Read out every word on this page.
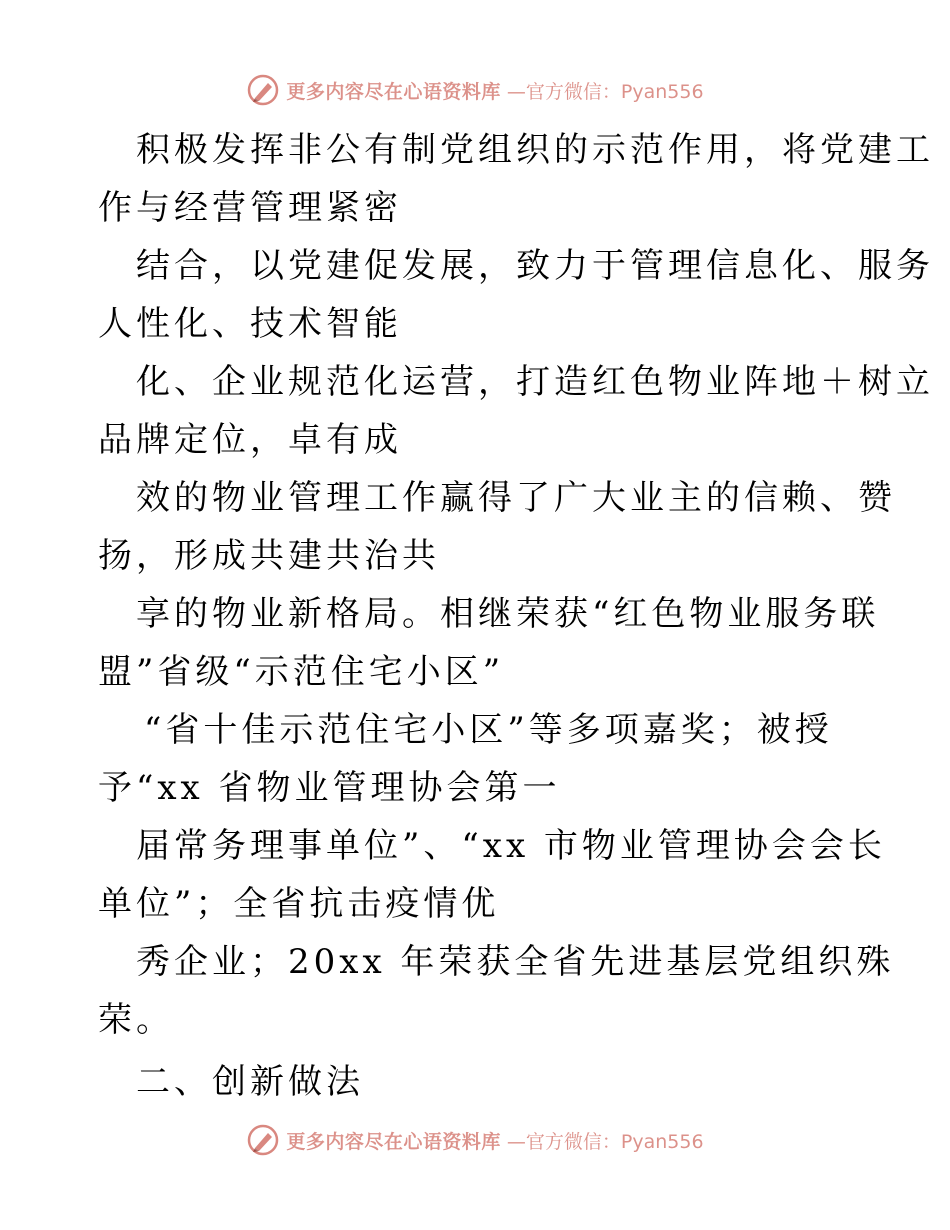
更多内容尽在心语资料库 —官方微信：Pyan556
积极发挥非公有制党组织的示范作用，将党建工
作与经营管理紧密
结合，以党建促发展，致力于管理信息化、服务
人性化、技术智能
化、企业规范化运营，打造红色物业阵地＋树立
品牌定位，卓有成
效的物业管理工作赢得了广大业主的信赖、赞
扬，形成共建共治共
享的物业新格局。相继荣获“红色物业服务联
盟”省级“示范住宅小区”
“省十佳示范住宅小区”等多项嘉奖；被授
予“xx 省物业管理协会第一
届常务理事单位”、“xx 市物业管理协会会长
单位”；全省抗击疫情优
秀企业；20xx 年荣获全省先进基层党组织殊
荣。
二、创新做法
更多内容尽在心语资料库 —官方微信：Pyan556
